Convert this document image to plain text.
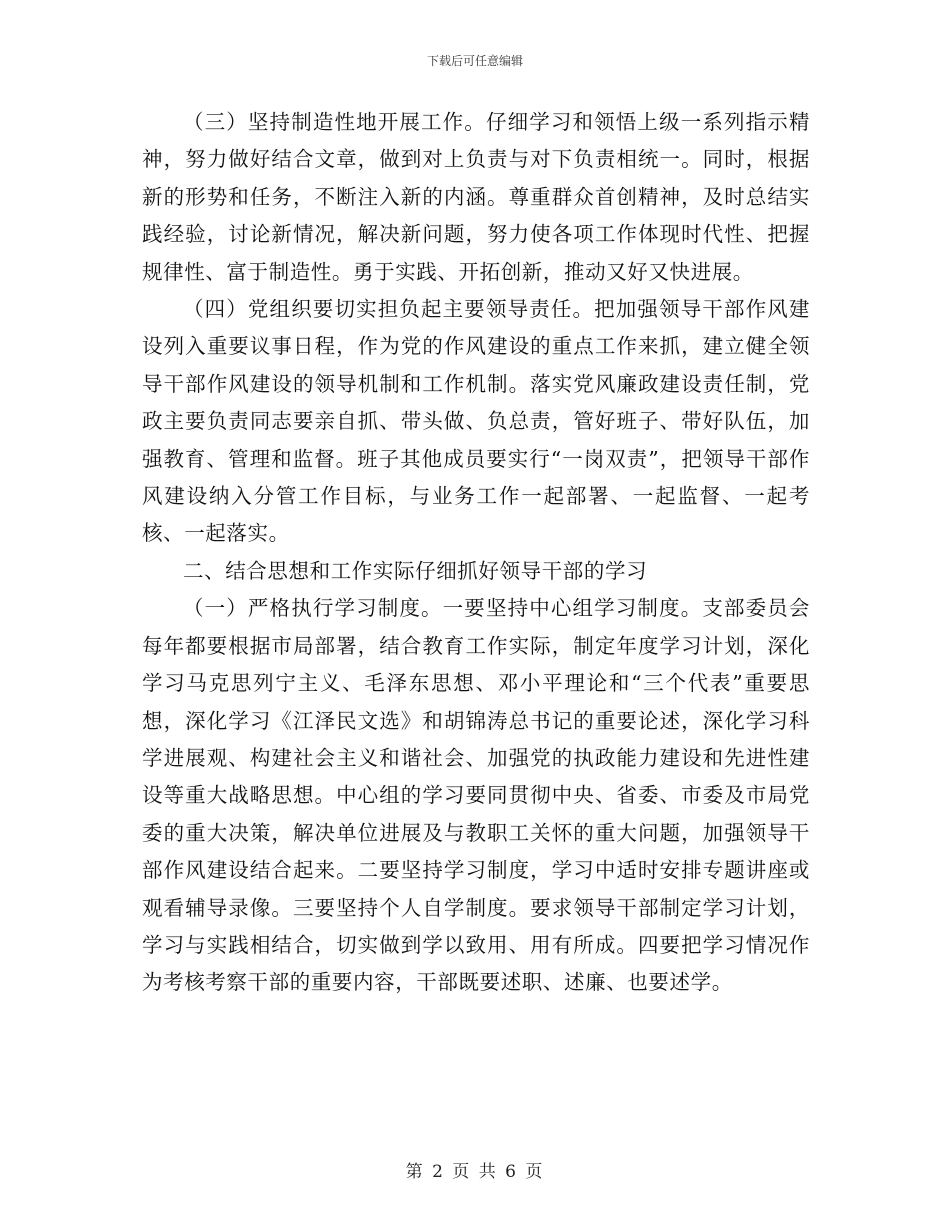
下载后可任意编辑

（三）坚持制造性地开展工作。仔细学习和领悟上级一系列指示精神，努力做好结合文章，做到对上负责与对下负责相统一。同时，根据新的形势和任务，不断注入新的内涵。尊重群众首创精神，及时总结实践经验，讨论新情况，解决新问题，努力使各项工作体现时代性、把握规律性、富于制造性。勇于实践、开拓创新，推动又好又快进展。

（四）党组织要切实担负起主要领导责任。把加强领导干部作风建设列入重要议事日程，作为党的作风建设的重点工作来抓，建立健全领导干部作风建设的领导机制和工作机制。落实党风廉政建设责任制，党政主要负责同志要亲自抓、带头做、负总责，管好班子、带好队伍，加强教育、管理和监督。班子其他成员要实行“一岗双责”，把领导干部作风建设纳入分管工作目标，与业务工作一起部署、一起监督、一起考核、一起落实。

二、结合思想和工作实际仔细抓好领导干部的学习

（一）严格执行学习制度。一要坚持中心组学习制度。支部委员会每年都要根据市局部署，结合教育工作实际，制定年度学习计划，深化学习马克思列宁主义、毛泽东思想、邓小平理论和“三个代表”重要思想，深化学习《江泽民文选》和胡锦涛总书记的重要论述，深化学习科学进展观、构建社会主义和谐社会、加强党的执政能力建设和先进性建设等重大战略思想。中心组的学习要同贯彻中央、省委、市委及市局党委的重大决策，解决单位进展及与教职工关怀的重大问题，加强领导干部作风建设结合起来。二要坚持学习制度，学习中适时安排专题讲座或观看辅导录像。三要坚持个人自学制度。要求领导干部制定学习计划，学习与实践相结合，切实做到学以致用、用有所成。四要把学习情况作为考核考察干部的重要内容，干部既要述职、述廉、也要述学。

第 2 页 共 6 页
